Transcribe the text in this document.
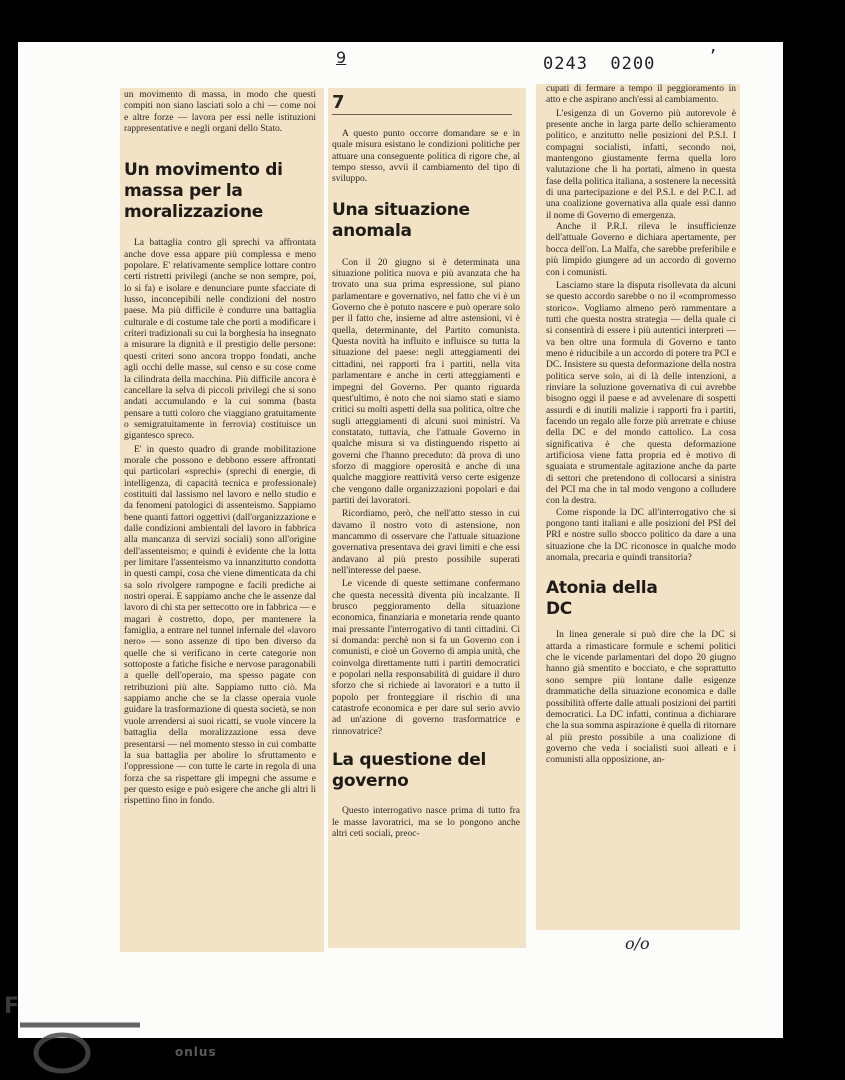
9	0243  0200	’
o/o

un movimento di massa, in modo che questi compiti non siano lasciati solo a chi — come noi e altre forze — lavora per essi nelle istituzioni rappresentative e negli organi dello Stato.

Un movimento di massa per la moralizzazione

La battaglia contro gli sprechi va affrontata anche dove essa appare più complessa e meno popolare. E' relativamente semplice lottare contro certi ristretti privilegi (anche se non sempre, poi, lo si fa) e isolare e denunciare punte sfacciate di lusso, inconcepibili nelle condizioni del nostro paese. Ma più difficile è condurre una battaglia culturale e di costume tale che porti a modificare i criteri tradizionali su cui la borghesia ha insegnato a misurare la dignità e il prestigio delle persone: questi criteri sono ancora troppo fondati, anche agli occhi delle masse, sul censo e su cose come la cilindrata della macchina. Più difficile ancora è cancellare la selva di piccoli privilegi che si sono andati accumulando e la cui somma (basta pensare a tutti coloro che viaggiano gratuitamente o semigratuitamente in ferrovia) costituisce un gigantesco spreco.

E' in questo quadro di grande mobilitazione morale che possono e debbono essere affrontati qui particolari «sprechi» (sprechi di energie, di intelligenza, di capacità tecnica e professionale) costituiti dal lassismo nel lavoro e nello studio e da fenomeni patologici di assenteismo. Sappiamo bene quanti fattori oggettivi (dall'organizzazione e dalle condizioni ambientali del lavoro in fabbrica alla mancanza di servizi sociali) sono all'origine dell'assenteismo; e quindi è evidente che la lotta per limitare l'assenteismo va innanzitutto condotta in questi campi, cosa che viene dimenticata da chi sa solo rivolgere rampogne e facili prediche ai nostri operai. E sappiamo anche che le assenze dal lavoro di chi sta per settecotto ore in fabbrica — e magari è costretto, dopo, per mantenere la famiglia, a entrare nel tunnel infernale del «lavoro nero» — sono assenze di tipo ben diverso da quelle che si verificano in certe categorie non sottoposte a fatiche fisiche e nervose paragonabili a quelle dell'operaio, ma spesso pagate con retribuzioni più alte. Sappiamo tutto ciò. Ma sappiamo anche che se la classe operaia vuole guidare la trasformazione di questa società, se non vuole arrendersi ai suoi ricatti, se vuole vincere la battaglia della moralizzazione essa deve presentarsi — nel momento stesso in cui combatte la sua battaglia per abolire lo sfruttamento e l'oppressione — con tutte le carte in regola di una forza che sa rispettare gli impegni che assume e per questo esige e può esigere che anche gli altri li rispettino fino in fondo.

7

A questo punto occorre domandare se e in quale misura esistano le condizioni politiche per attuare una conseguente politica di rigore che, al tempo stesso, avvii il cambiamento del tipo di sviluppo.

Una situazione anomala

Con il 20 giugno si è determinata una situazione politica nuova e più avanzata che ha trovato una sua prima espressione, sul piano parlamentare e governativo, nel fatto che vi è un Governo che è potuto nascere e può operare solo per il fatto che, insieme ad altre astensioni, vi è quella, determinante, del Partito comunista. Questa novità ha influito e influisce su tutta la situazione del paese: negli atteggiamenti dei cittadini, nei rapporti fra i partiti, nella vita parlamentare e anche in certi atteggiamenti e impegni del Governo. Per quanto riguarda quest'ultimo, è noto che noi siamo stati e siamo critici su molti aspetti della sua politica, oltre che sugli atteggiamenti di alcuni suoi ministri. Va constatato, tuttavia, che l'attuale Governo in qualche misura si va distinguendo rispetto ai governi che l'hanno preceduto: dà prova di uno sforzo di maggiore operosità e anche di una qualche maggiore reattività verso certe esigenze che vengono dalle organizzazioni popolari e dai partiti dei lavoratori.

Ricordiamo, però, che nell'atto stesso in cui davamo il nostro voto di astensione, non mancammo di osservare che l'attuale situazione governativa presentava dei gravi limiti e che essi andavano al più presto possibile superati nell'interesse del paese.

Le vicende di queste settimane confermano che questa necessità diventa più incalzante. Il brusco peggioramento della situazione economica, finanziaria e monetaria rende quanto mai pressante l'interrogativo di tanti cittadini. Ci si domanda: perchè non si fa un Governo con i comunisti, e cioè un Governo di ampia unità, che coinvolga direttamente tutti i partiti democratici e popolari nella responsabilità di guidare il duro sforzo che si richiede ai lavoratori e a tutto il popolo per fronteggiare il rischio di una catastrofe economica e per dare sul serio avvio ad un'azione di governo trasformatrice e rinnovatrice?

La questione del governo

Questo interrogativo nasce prima di tutto fra le masse lavoratrici, ma se lo pongono anche altri ceti sociali, preoc-

cupati di fermare a tempo il peggioramento in atto e che aspirano anch'essi al cambiamento.

L'esigenza di un Governo più autorevole è presente anche in larga parte dello schieramento politico, e anzitutto nelle posizioni del P.S.I. I compagni socialisti, infatti, secondo noi, mantengono giustamente ferma quella loro valutazione che li ha portati, almeno in questa fase della politica italiana, a sostenere la necessità di una partecipazione e del P.S.I. e del P.C.I. ad una coalizione governativa alla quale essi danno il nome di Governo di emergenza.

Anche il P.R.I. rileva le insufficienze dell'attuale Governo e dichiara apertamente, per bocca dell'on. La Malfa, che sarebbe preferibile e più limpido giungere ad un accordo di governo con i comunisti.

Lasciamo stare la disputa risollevata da alcuni se questo accordo sarebbe o no il «compromesso storico». Vogliamo almeno però rammentare a tutti che questa nostra strategia — della quale ci si consentirà di essere i più autentici interpreti — va ben oltre una formula di Governo e tanto meno è riducibile a un accordo di potere tra PCI e DC. Insistere su questa deformazione della nostra politica serve solo, ai di là delle intenzioni, a rinviare la soluzione governativa di cui avrebbe bisogno oggi il paese e ad avvelenare di sospetti assurdi e di inutili malizie i rapporti fra i partiti, facendo un regalo alle forze più arretrate e chiuse della DC e del mondo cattolico. La cosa significativa è che questa deformazione artificiosa viene fatta propria ed è motivo di sguaiata e strumentale agitazione anche da parte di settori che pretendono di collocarsi a sinistra del PCI ma che in tal modo vengono a colludere con la destra.

Come risponde la DC all'interrogativo che si pongono tanti italiani e alle posizioni del PSI del PRI e nostre sullo sbocco politico da dare a una situazione che la DC riconosce in qualche modo anomala, precaria e quindi transitoria?

Atonia della DC

In linea generale si può dire che la DC si attarda a rimasticare formule e schemi politici che le vicende parlamentari del dopo 20 giugno hanno già smentito e bocciato, e che soprattutto sono sempre più lontane dalle esigenze drammatiche della situazione economica e dalle possibilità offerte dalle attuali posizioni dei partiti democratici. La DC infatti, continua a dichiarare che la sua somma aspirazione è quella di ritornare al più presto possibile a una coalizione di governo che veda i socialisti suoi alleati e i comunisti alla opposizione, an-

F
onlus
